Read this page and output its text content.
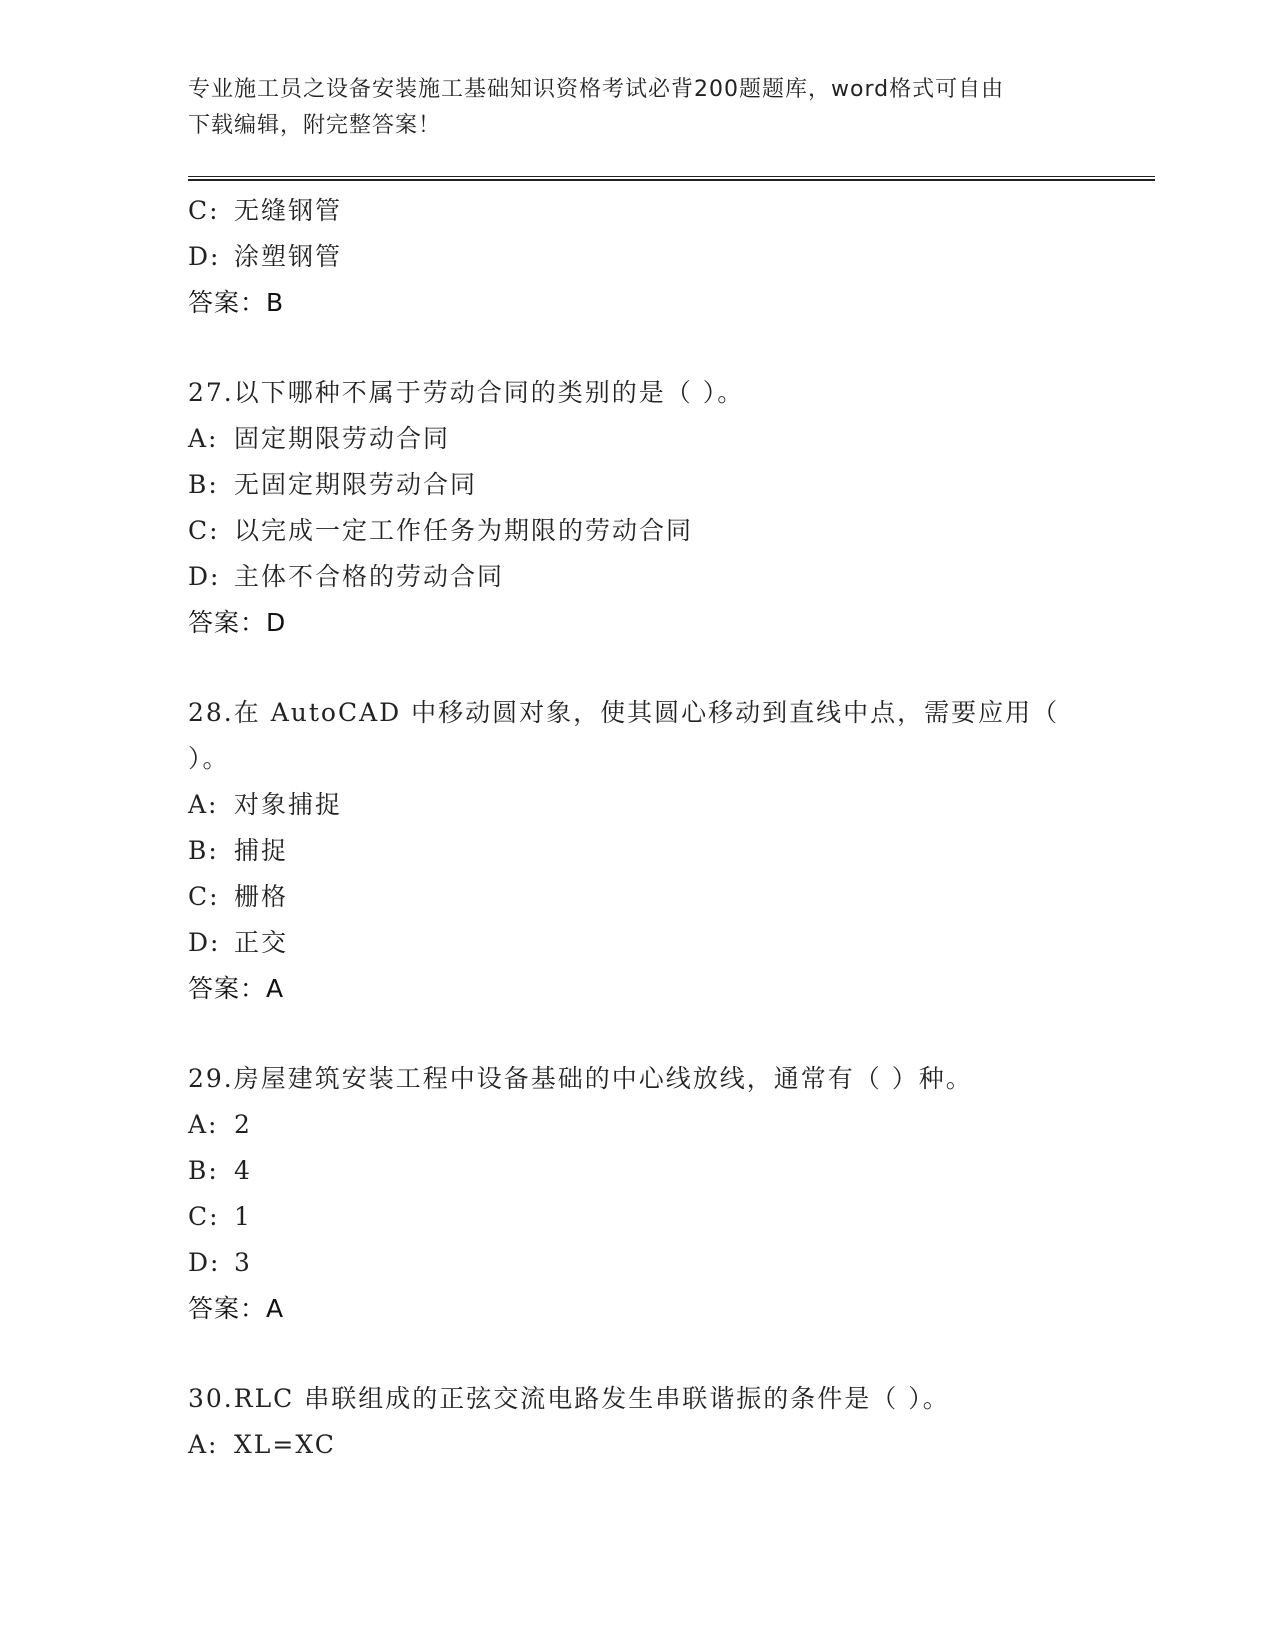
专业施工员之设备安装施工基础知识资格考试必背200题题库，word格式可自由
下载编辑，附完整答案！
C: 无缝钢管
D: 涂塑钢管
答案：B
27.以下哪种不属于劳动合同的类别的是（ ）。
A: 固定期限劳动合同
B: 无固定期限劳动合同
C: 以完成一定工作任务为期限的劳动合同
D: 主体不合格的劳动合同
答案：D
28.在 AutoCAD 中移动圆对象，使其圆心移动到直线中点，需要应用（
）。
A: 对象捕捉
B: 捕捉
C: 栅格
D: 正交
答案：A
29.房屋建筑安装工程中设备基础的中心线放线，通常有（ ）种。
A: 2
B: 4
C: 1
D: 3
答案：A
30.RLC 串联组成的正弦交流电路发生串联谐振的条件是（ ）。
A: XL=XC
